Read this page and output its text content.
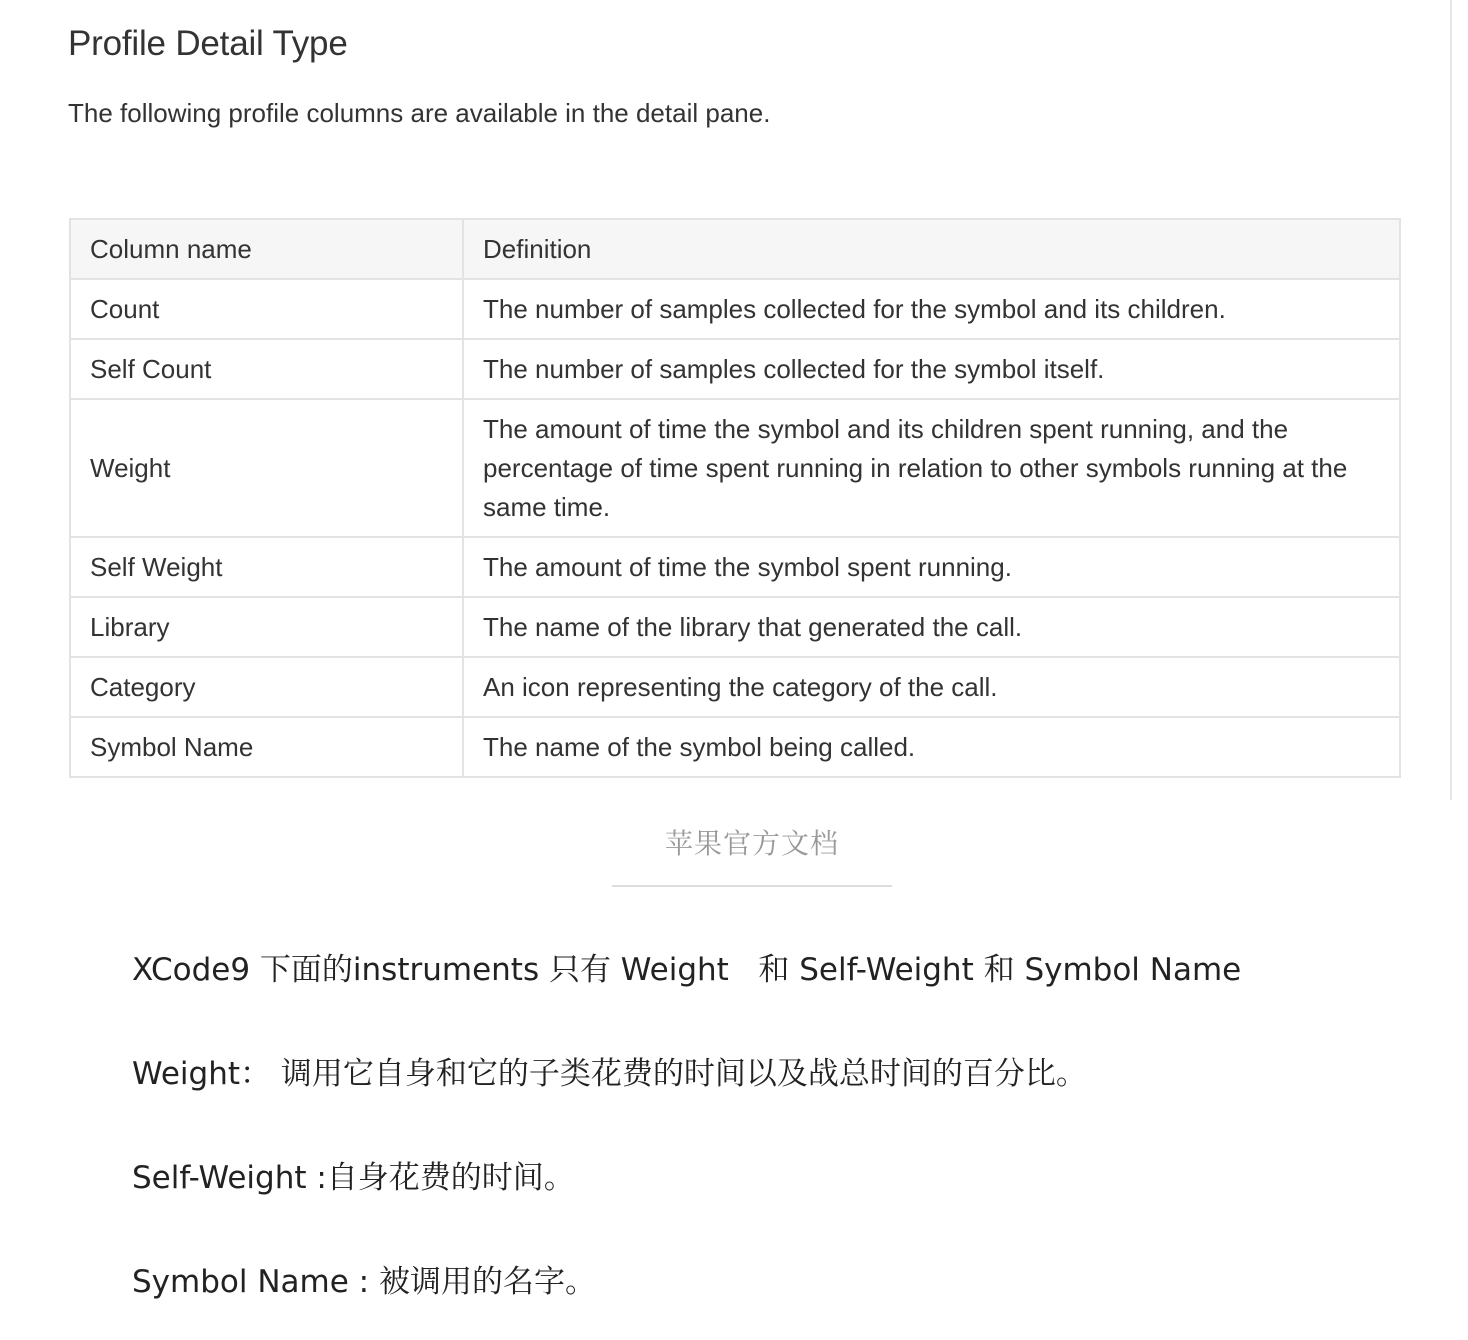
Profile Detail Type

The following profile columns are available in the detail pane.

Column name	Definition
Count	The number of samples collected for the symbol and its children.
Self Count	The number of samples collected for the symbol itself.
Weight	The amount of time the symbol and its children spent running, and the percentage of time spent running in relation to other symbols running at the same time.
Self Weight	The amount of time the symbol spent running.
Library	The name of the library that generated the call.
Category	An icon representing the category of the call.
Symbol Name	The name of the symbol being called.
苹果官方文档

XCode9 下面的instruments 只有 Weight   和 Self-Weight 和 Symbol Name

Weight： 调用它自身和它的子类花费的时间以及战总时间的百分比。

Self-Weight :自身花费的时间。

Symbol Name : 被调用的名字。
